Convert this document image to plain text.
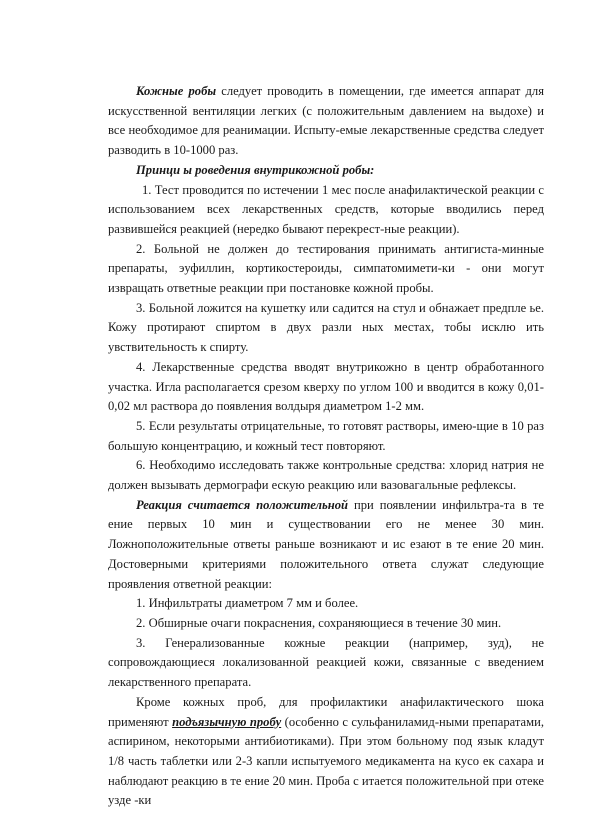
Кожные робы следует проводить в помещении, где имеется аппарат для искусственной вентиляции легких (с положительным давлением на выдохе) и все необходимое для реанимации. Испыту-емые лекарственные средства следует разводить в 10-1000 раз.

Принци ы роведения внутрикожной робы:

1. Тест проводится по истечении 1 мес после анафилактической реакции с использованием всех лекарственных средств, которые вводились перед развившейся реакцией (нередко бывают перекрест-ные реакции).

2. Больной не должен до тестирования принимать антигиста-минные препараты, эуфиллин, кортикостероиды, симпатомимети-ки - они могут извращать ответные реакции при постановке кожной пробы.

3. Больной ложится на кушетку или садится на стул и обнажает предпле ье. Кожу протирают спиртом в двух разли ных местах, тобы исклю ить увствительность к спирту.

4. Лекарственные средства вводят внутрикожно в центр обработанного участка. Игла располагается срезом кверху по углом 100 и вводится в кожу 0,01-0,02 мл раствора до появления волдыря диаметром 1-2 мм.

5. Если результаты отрицательные, то готовят растворы, имею-щие в 10 раз большую концентрацию, и кожный тест повторяют.

6. Необходимо исследовать также контрольные средства: хлорид натрия не должен вызывать дермографи ескую реакцию или вазовагальные рефлексы.

Реакция считается положительной при появлении инфильтра-та в те ение первых 10 мин и существовании его не менее 30 мин. Ложноположительные ответы раньше возникают и ис езают в те ение 20 мин. Достоверными критериями положительного ответа служат следующие проявления ответной реакции:

1. Инфильтраты диаметром 7 мм и более.

2. Обширные очаги покраснения, сохраняющиеся в течение 30 мин.

3. Генерализованные кожные реакции (например, зуд), не сопровождающиеся локализованной реакцией кожи, связанные с введением лекарственного препарата.

Кроме кожных проб, для профилактики анафилактического шока применяют подъязычную пробу (особенно с сульфаниламид-ными препаратами, аспирином, некоторыми антибиотиками). При этом больному под язык кладут 1/8 часть таблетки или 2-3 капли испытуемого медикамента на кусо ек сахара и наблюдают реакцию в те ение 20 мин. Проба с итается положительной при отеке узде -ки
